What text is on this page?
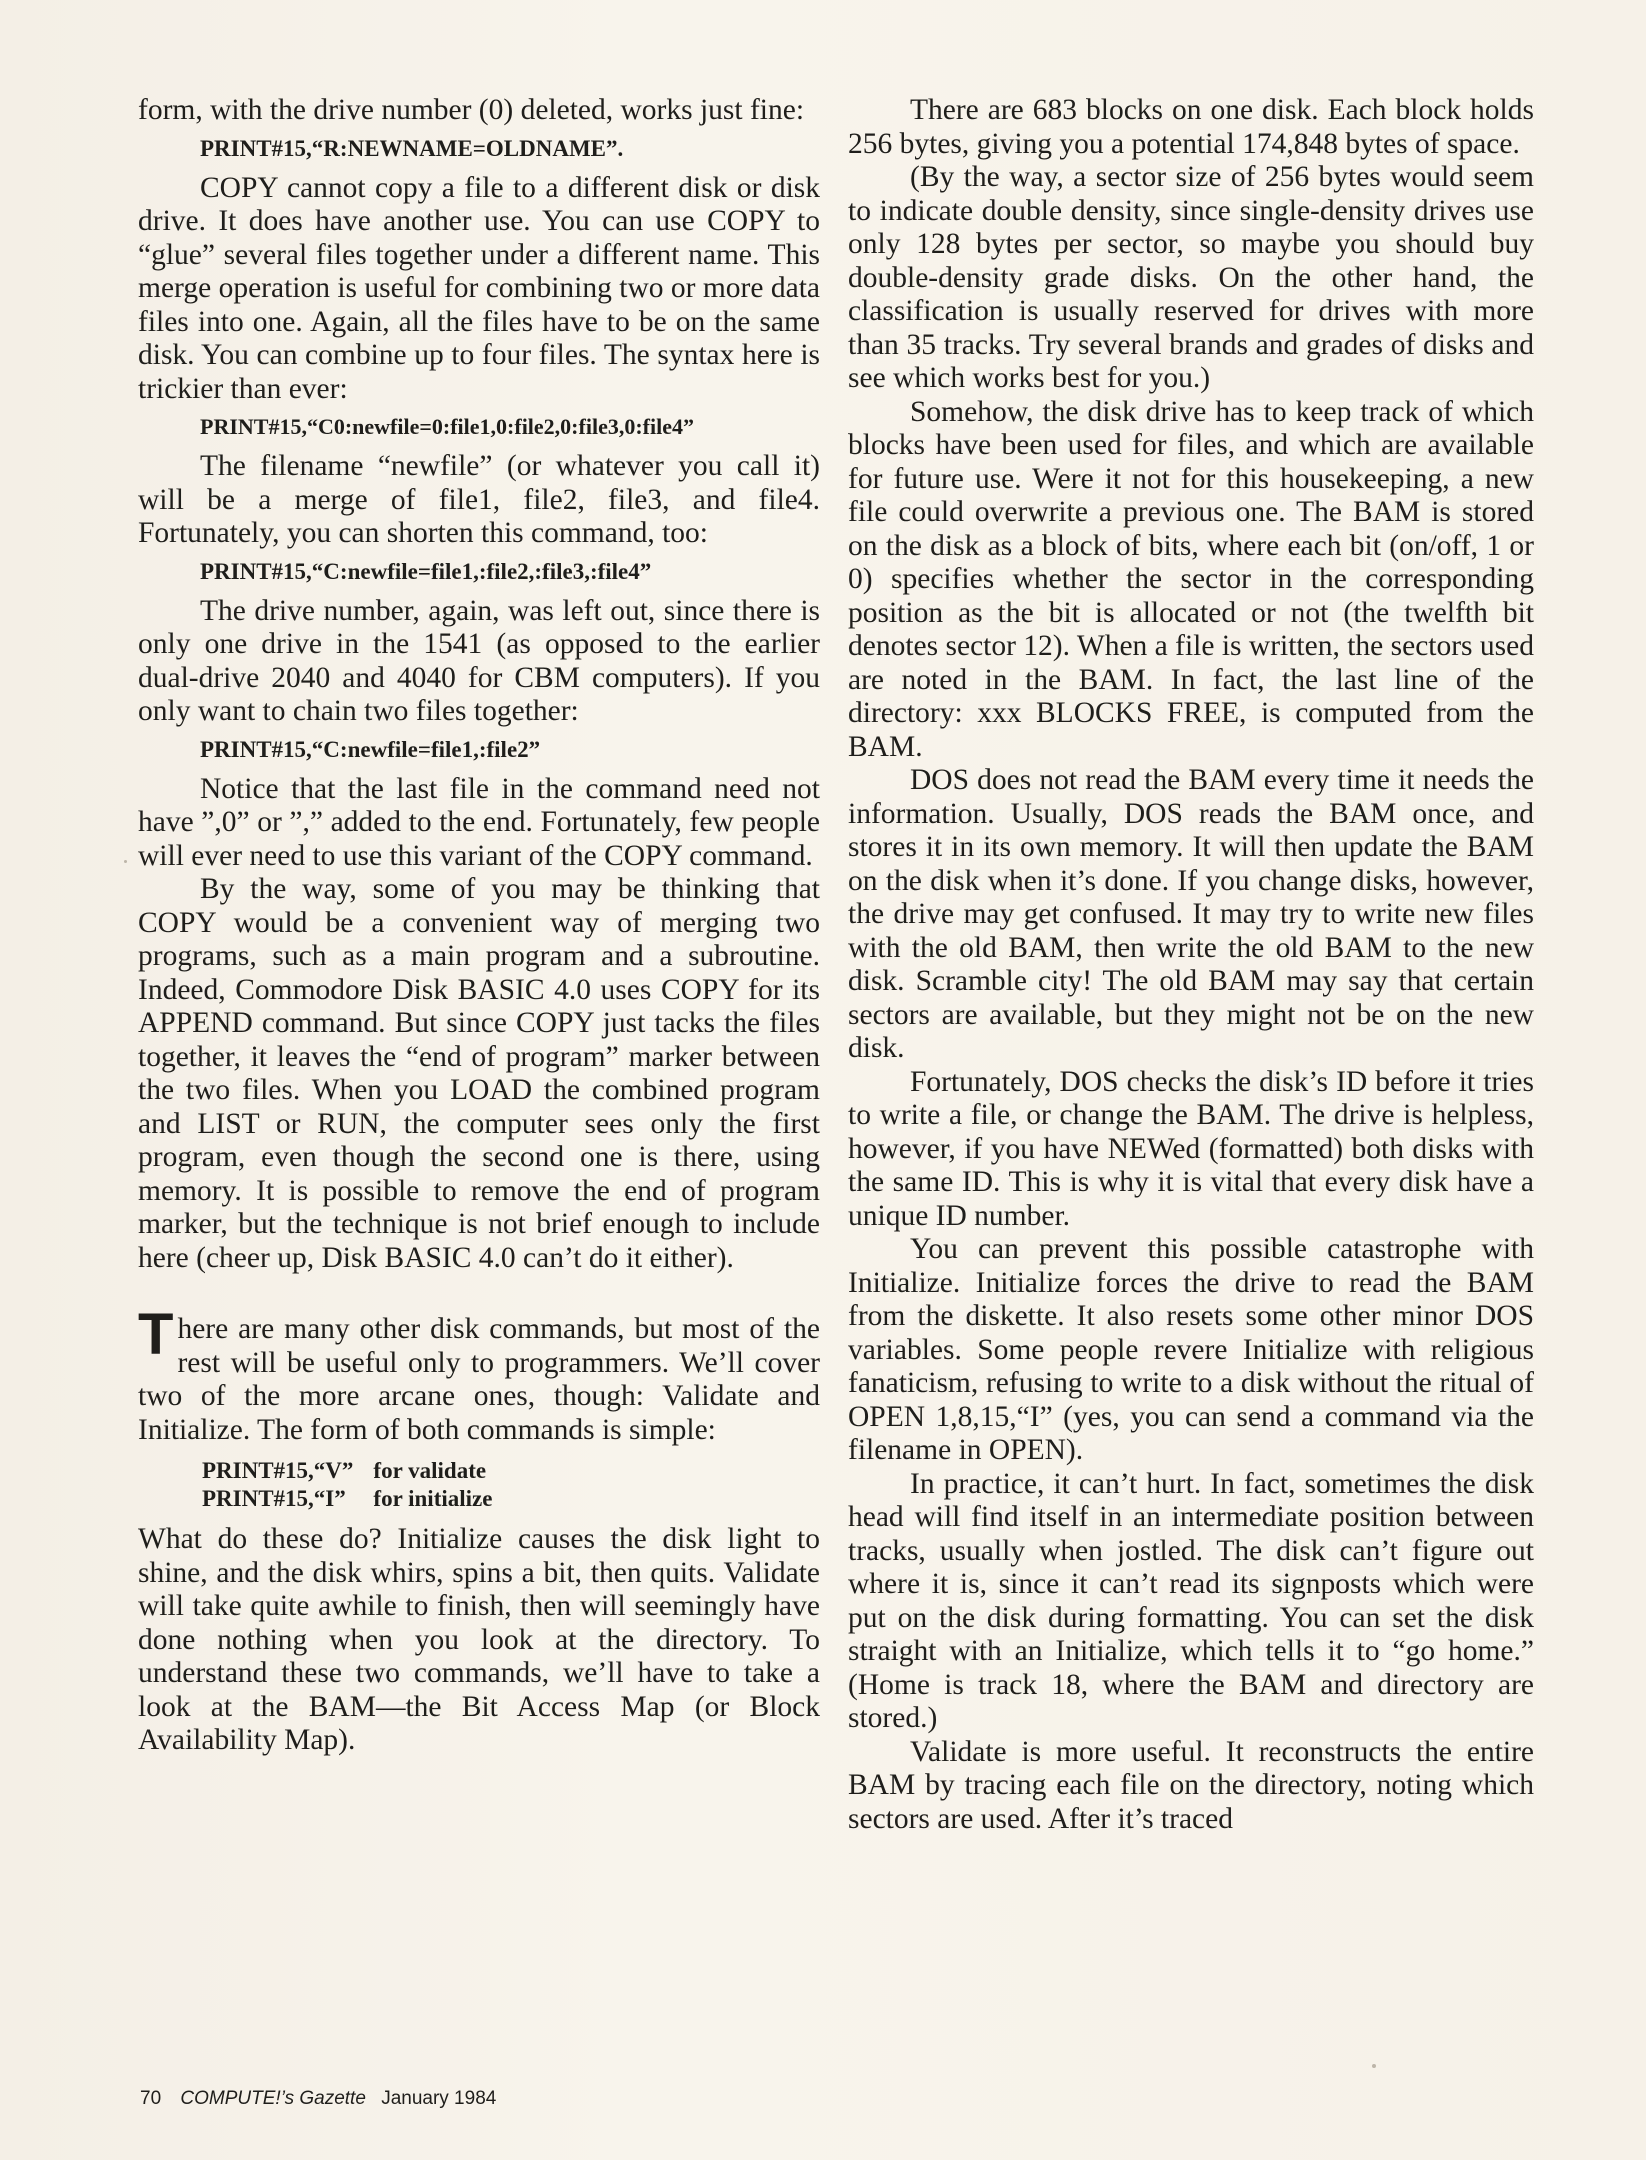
form, with the drive number (0) deleted, works just fine:

PRINT#15,“R:NEWNAME=OLDNAME”.

COPY cannot copy a file to a different disk or disk drive. It does have another use. You can use COPY to “glue” several files together under a different name. This merge operation is useful for combining two or more data files into one. Again, all the files have to be on the same disk. You can combine up to four files. The syntax here is trickier than ever:

PRINT#15,“C0:newfile=0:file1,0:file2,0:file3,0:file4”

The filename “newfile” (or whatever you call it) will be a merge of file1, file2, file3, and file4. Fortunately, you can shorten this command, too:

PRINT#15,“C:newfile=file1,:file2,:file3,:file4”

The drive number, again, was left out, since there is only one drive in the 1541 (as opposed to the earlier dual-drive 2040 and 4040 for CBM computers). If you only want to chain two files together:

PRINT#15,“C:newfile=file1,:file2”

Notice that the last file in the command need not have ”,0” or ”,” added to the end. Fortunately, few people will ever need to use this variant of the COPY command.

By the way, some of you may be thinking that COPY would be a convenient way of merging two programs, such as a main program and a subroutine. Indeed, Commodore Disk BASIC 4.0 uses COPY for its APPEND command. But since COPY just tacks the files together, it leaves the “end of program” marker between the two files. When you LOAD the combined program and LIST or RUN, the computer sees only the first program, even though the second one is there, using memory. It is possible to remove the end of program marker, but the technique is not brief enough to include here (cheer up, Disk BASIC 4.0 can’t do it either).

T here are many other disk commands, but most of the rest will be useful only to programmers. We’ll cover two of the more arcane ones, though: Validate and Initialize. The form of both commands is simple:

PRINT#15,“V”	for validate
PRINT#15,“I”	for initialize

What do these do? Initialize causes the disk light to shine, and the disk whirs, spins a bit, then quits. Validate will take quite awhile to finish, then will seemingly have done nothing when you look at the directory. To understand these two commands, we’ll have to take a look at the BAM—the Bit Access Map (or Block Availability Map).

There are 683 blocks on one disk. Each block holds 256 bytes, giving you a potential 174,848 bytes of space.

(By the way, a sector size of 256 bytes would seem to indicate double density, since single-density drives use only 128 bytes per sector, so maybe you should buy double-density grade disks. On the other hand, the classification is usually reserved for drives with more than 35 tracks. Try several brands and grades of disks and see which works best for you.)

Somehow, the disk drive has to keep track of which blocks have been used for files, and which are available for future use. Were it not for this housekeeping, a new file could overwrite a previous one. The BAM is stored on the disk as a block of bits, where each bit (on/off, 1 or 0) specifies whether the sector in the corresponding position as the bit is allocated or not (the twelfth bit denotes sector 12). When a file is written, the sectors used are noted in the BAM. In fact, the last line of the directory: xxx BLOCKS FREE, is computed from the BAM.

DOS does not read the BAM every time it needs the information. Usually, DOS reads the BAM once, and stores it in its own memory. It will then update the BAM on the disk when it’s done. If you change disks, however, the drive may get confused. It may try to write new files with the old BAM, then write the old BAM to the new disk. Scramble city! The old BAM may say that certain sectors are available, but they might not be on the new disk.

Fortunately, DOS checks the disk’s ID before it tries to write a file, or change the BAM. The drive is helpless, however, if you have NEWed (formatted) both disks with the same ID. This is why it is vital that every disk have a unique ID number.

You can prevent this possible catastrophe with Initialize. Initialize forces the drive to read the BAM from the diskette. It also resets some other minor DOS variables. Some people revere Initialize with religious fanaticism, refusing to write to a disk without the ritual of OPEN 1,8,15,“I” (yes, you can send a command via the filename in OPEN).

In practice, it can’t hurt. In fact, sometimes the disk head will find itself in an intermediate position between tracks, usually when jostled. The disk can’t figure out where it is, since it can’t read its signposts which were put on the disk during formatting. You can set the disk straight with an Initialize, which tells it to “go home.” (Home is track 18, where the BAM and directory are stored.)

Validate is more useful. It reconstructs the entire BAM by tracing each file on the directory, noting which sectors are used. After it’s traced

70 COMPUTE!’s Gazette January 1984
